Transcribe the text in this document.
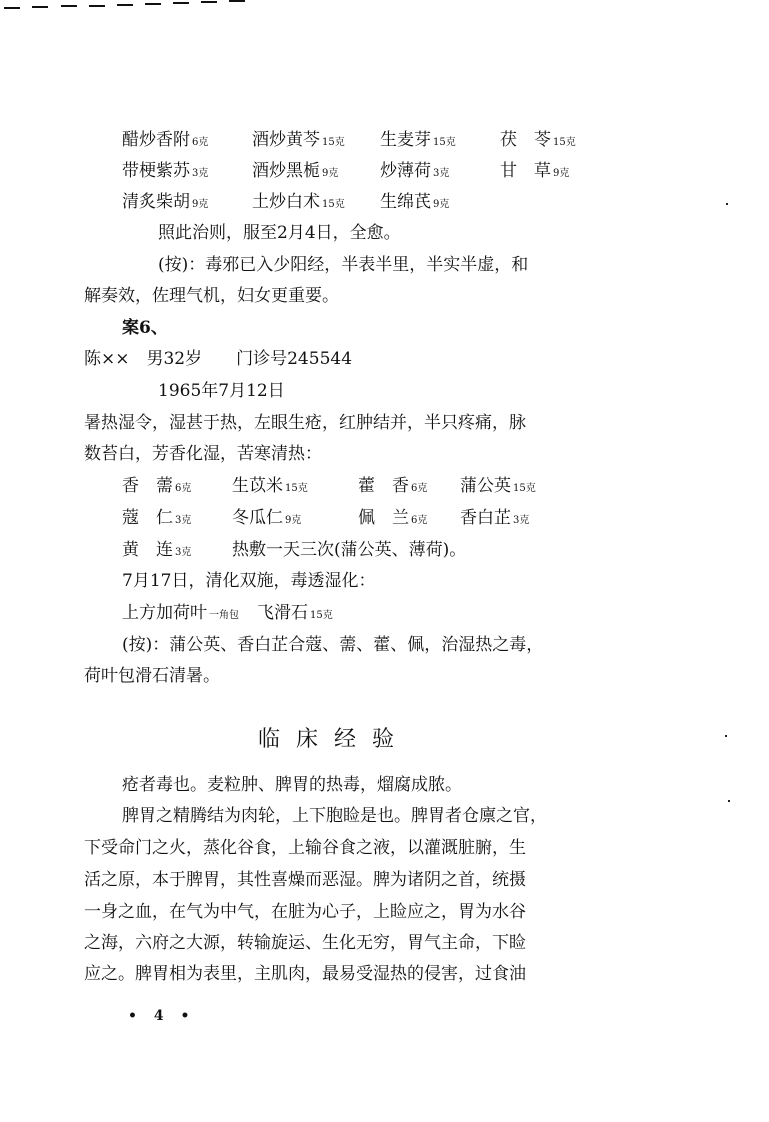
醋炒香附 6克	酒炒黄芩 15克 生麦芽 15克	茯　苓 15克
带梗紫苏 3克	酒炒黑栀 9克 炒薄荷 3克	甘　草 9克
清炙柴胡 9克	土炒白术 15克 生绵芪 9克
照此治则，服至2月4日，全愈。
(按)：毒邪已入少阳经，半表半里，半实半虚，和
解奏效，佐理气机，妇女更重要。
案6、
陈××　男32岁　　门诊号245544
1965年7月12日
暑热湿令，湿甚于热，左眼生疮，红肿结并，半只疼痛，脉
数苔白，芳香化湿，苦寒清热：
香　薷 6克 生苡米 15克	藿　香 6克 蒲公英 15克
蔻　仁 3克 冬瓜仁 9克	佩　兰 6克 香白芷 3克
黄　连 3克 热敷一天三次(蒲公英、薄荷)。
7月17日，清化双施，毒透湿化：
上方加荷叶 一角包 飞滑石 15克
(按)：蒲公英、香白芷合蔻、薷、藿、佩，治湿热之毒，
荷叶包滑石清暑。
临床经验
疮者毒也。麦粒肿、脾胃的热毒，熘腐成脓。
脾胃之精腾结为肉轮，上下胞睑是也。脾胃者仓廪之官，
下受命门之火，蒸化谷食，上输谷食之液，以灌溉脏腑，生
活之原，本于脾胃，其性喜燥而恶湿。脾为诸阴之首，统摄
一身之血，在气为中气，在脏为心子，上睑应之，胃为水谷
之海，六府之大源，转输旋运、生化无穷，胃气主命，下睑
应之。脾胃相为表里，主肌肉，最易受湿热的侵害，过食油
• 4 •
